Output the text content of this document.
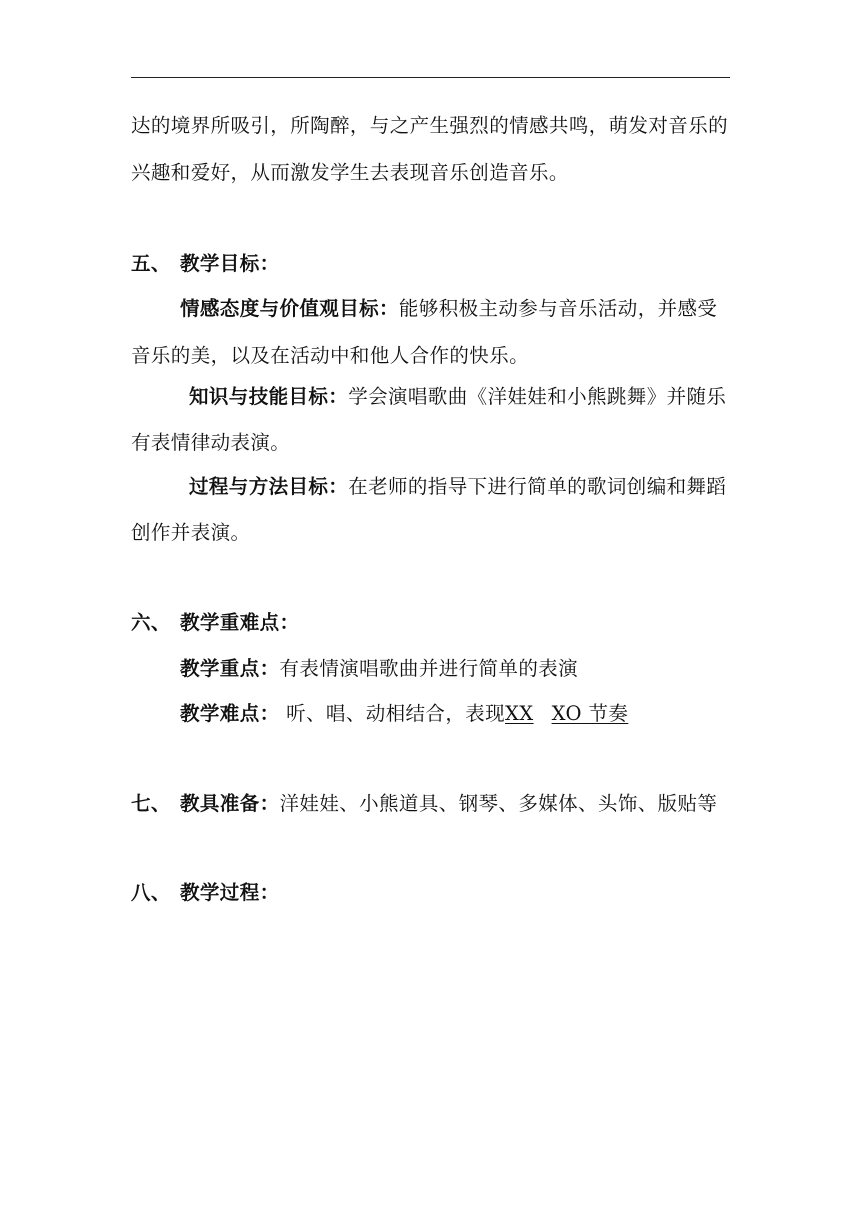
达的境界所吸引，所陶醉，与之产生强烈的情感共鸣，萌发对音乐的
兴趣和爱好，从而激发学生去表现音乐创造音乐。
五、 教学目标：
情感态度与价值观目标：能够积极主动参与音乐活动，并感受
音乐的美，以及在活动中和他人合作的快乐。
知识与技能目标：学会演唱歌曲《洋娃娃和小熊跳舞》并随乐
有表情律动表演。
过程与方法目标：在老师的指导下进行简单的歌词创编和舞蹈
创作并表演。
六、 教学重难点：
教学重点：有表情演唱歌曲并进行简单的表演
教学难点： 听、唱、动相结合，表现XX XO 节奏
七、 教具准备：洋娃娃、小熊道具、钢琴、多媒体、头饰、版贴等
八、 教学过程：
